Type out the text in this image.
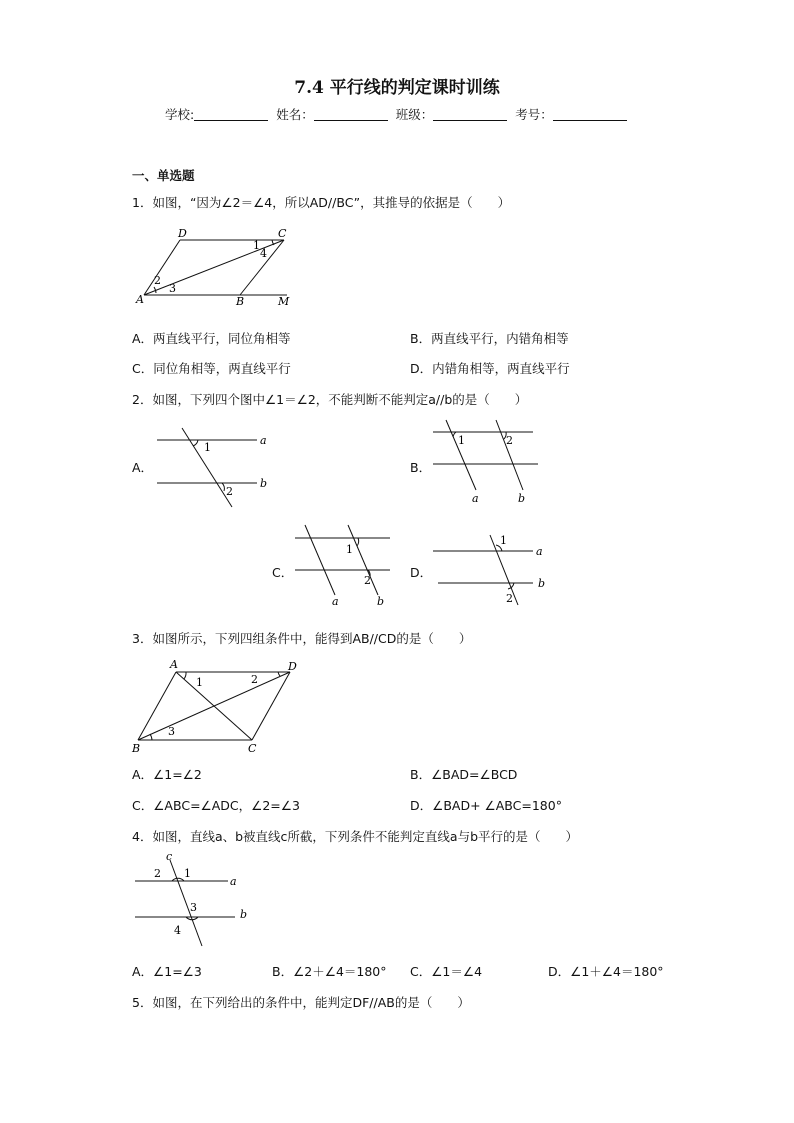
7.4 平行线的判定课时训练
学校:	姓名：	班级：	考号：
一、单选题
1．如图，“因为∠2＝∠4，所以AD//BC”，其推导的依据是（　　）
D	C
A	B	M
1
2
3
4
A．两直线平行，同位角相等	B．两直线平行，内错角相等
C．同位角相等，两直线平行	D．内错角相等，两直线平行
2．如图，下列四个图中∠1＝∠2，不能判断不能判定a//b的是（　　）
A．
1
2
a
b
B．
1	2
a	b
C．
1
2
a	b
D．
1
2
a
b
3．如图所示，下列四组条件中，能得到AB//CD的是（　　）
A	D
B	C
1	2
3
A．∠1=∠2	B．∠BAD=∠BCD
C．∠ABC=∠ADC，∠2=∠3	D．∠BAD+ ∠ABC=180°
4．如图，直线a、b被直线c所截，下列条件不能判定直线a与b平行的是（　　）
c
a
b
1
2
3
4
A．∠1=∠3	B．∠2＋∠4＝180° C．∠1＝∠4	D．∠1＋∠4＝180°
5．如图，在下列给出的条件中，能判定DF//AB的是（　　）
